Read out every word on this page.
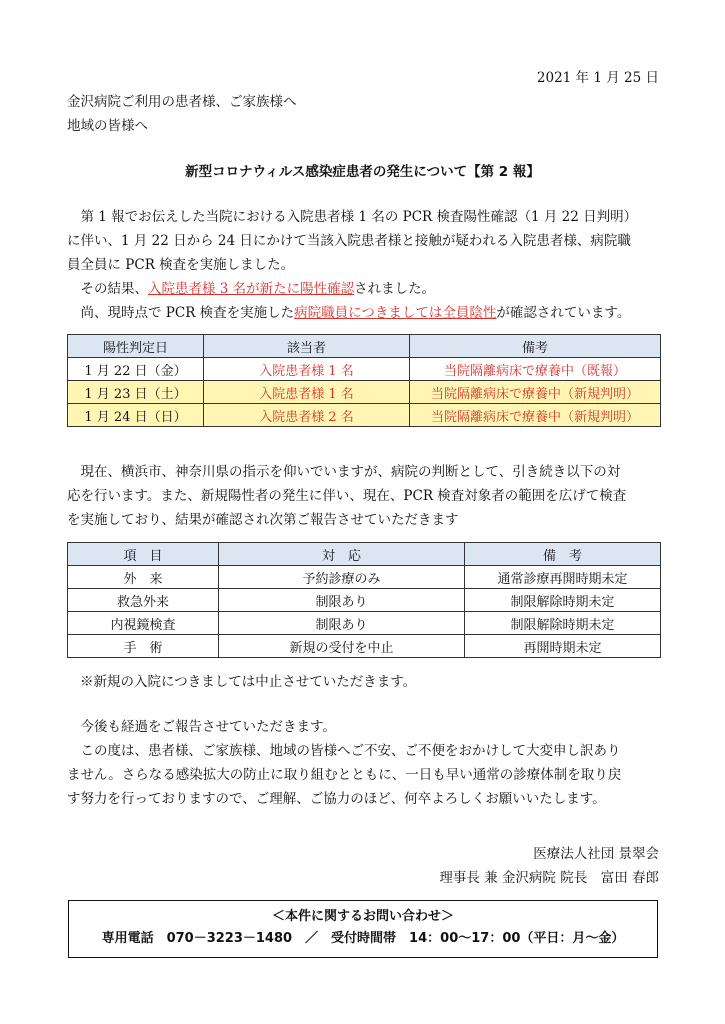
2021 年 1 月 25 日
金沢病院ご利用の患者様、ご家族様へ
地域の皆様へ
新型コロナウィルス感染症患者の発生について【第 2 報】

　第 1 報でお伝えした当院における入院患者様 1 名の PCR 検査陽性確認（1 月 22 日判明）

に伴い、1 月 22 日から 24 日にかけて当該入院患者様と接触が疑われる入院患者様、病院職

員全員に PCR 検査を実施しました。

　その結果、入院患者様 3 名が新たに陽性確認されました。

　尚、現時点で PCR 検査を実施した病院職員につきましては全員陰性が確認されています。

陽性判定日	該当者	備考
1 月 22 日（金）	入院患者様 1 名	当院隔離病床で療養中（既報）
1 月 23 日（土）	入院患者様 1 名	当院隔離病床で療養中（新規判明）
1 月 24 日（日）	入院患者様 2 名	当院隔離病床で療養中（新規判明）

　現在、横浜市、神奈川県の指示を仰いでいますが、病院の判断として、引き続き以下の対

応を行います。また、新規陽性者の発生に伴い、現在、PCR 検査対象者の範囲を広げて検査

を実施しており、結果が確認され次第ご報告させていただきます

項　目	対　応	備　考
外　来	予約診療のみ	通常診療再開時期未定
救急外来	制限あり	制限解除時期未定
内視鏡検査	制限あり	制限解除時期未定
手　術	新規の受付を中止	再開時期未定
※新規の入院につきましては中止させていただきます。

　今後も経過をご報告させていただきます。

　この度は、患者様、ご家族様、地域の皆様へご不安、ご不便をおかけして大変申し訳あり

ません。さらなる感染拡大の防止に取り組むとともに、一日も早い通常の診療体制を取り戻

す努力を行っておりますので、ご理解、ご協力のほど、何卒よろしくお願いいたします。

医療法人社団 景翠会
理事長 兼 金沢病院 院長　富田 春郎
＜本件に関するお問い合わせ＞
専用電話　070－3223－1480　／　受付時間帯　14：00～17：00（平日：月～金）
